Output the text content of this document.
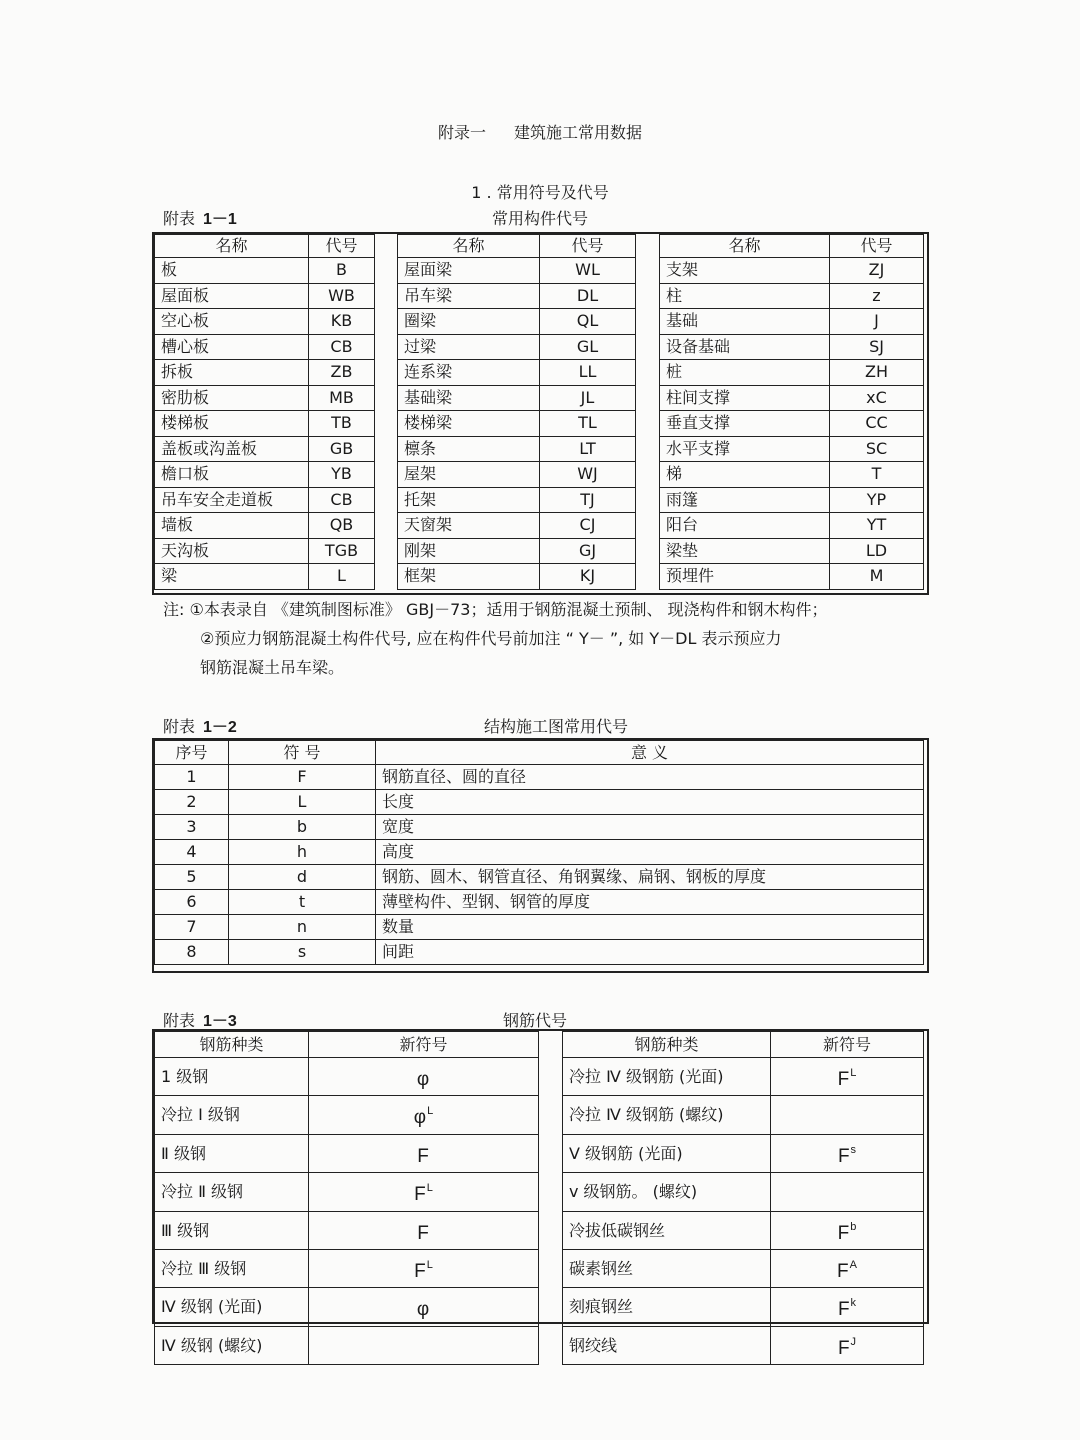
附录一 建筑施工常用数据
1 . 常用符号及代号
附表 1－1	常用构件代号
名称	代号
板	B
屋面板	WB
空心板	KB
槽心板	CB
拆板	ZB
密肋板	MB
楼梯板	TB
盖板或沟盖板	GB
檐口板	YB
吊车安全走道板	CB
墙板	QB
天沟板	TGB
梁	L
名称	代号
屋面梁	WL
吊车梁	DL
圈梁	QL
过梁	GL
连系梁	LL
基础梁	JL
楼梯梁	TL
檩条	LT
屋架	WJ
托架	TJ
天窗架	CJ
刚架	GJ
框架	KJ
名称	代号
支架	ZJ
柱	z
基础	J
设备基础	SJ
桩	ZH
柱间支撑	xC
垂直支撑	CC
水平支撑	SC
梯	T
雨篷	YP
阳台	YT
梁垫	LD
预埋件	M
注: ①本表录自 《建筑制图标准》 GBJ－73；适用于钢筋混凝土预制、 现浇构件和钢木构件；
②预应力钢筋混凝土构件代号, 应在构件代号前加注 “ Y－ ”, 如 Y－DL 表示预应力
钢筋混凝土吊车梁。
附表 1－2	结构施工图常用代号
序号	符 号	意 义
1	F	钢筋直径、圆的直径
2	L	长度
3	b	宽度
4	h	高度
5	d	钢筋、圆木、钢管直径、角钢翼缘、扁钢、钢板的厚度
6	t	薄壁构件、型钢、钢管的厚度
7	n	数量
8	s	间距
附表 1－3	钢筋代号
钢筋种类	新符号
1 级钢	φ
冷拉 Ⅰ 级钢	$\varphi^L$
Ⅱ 级钢	F
冷拉 Ⅱ 级钢	$F^L$
Ⅲ 级钢	F
冷拉 Ⅲ 级钢	$F^L$
Ⅳ 级钢 (光面)	φ
Ⅳ 级钢 (螺纹)	
钢筋种类	新符号
冷拉 Ⅳ 级钢筋 (光面)	$F^L$
冷拉 Ⅳ 级钢筋 (螺纹)	
Ⅴ 级钢筋 (光面)	$F^s$
v 级钢筋。 (螺纹)	
冷拔低碳钢丝	$F^b$
碳素钢丝	$F^A$
刻痕钢丝	$F^k$
钢绞线	$F^J$
